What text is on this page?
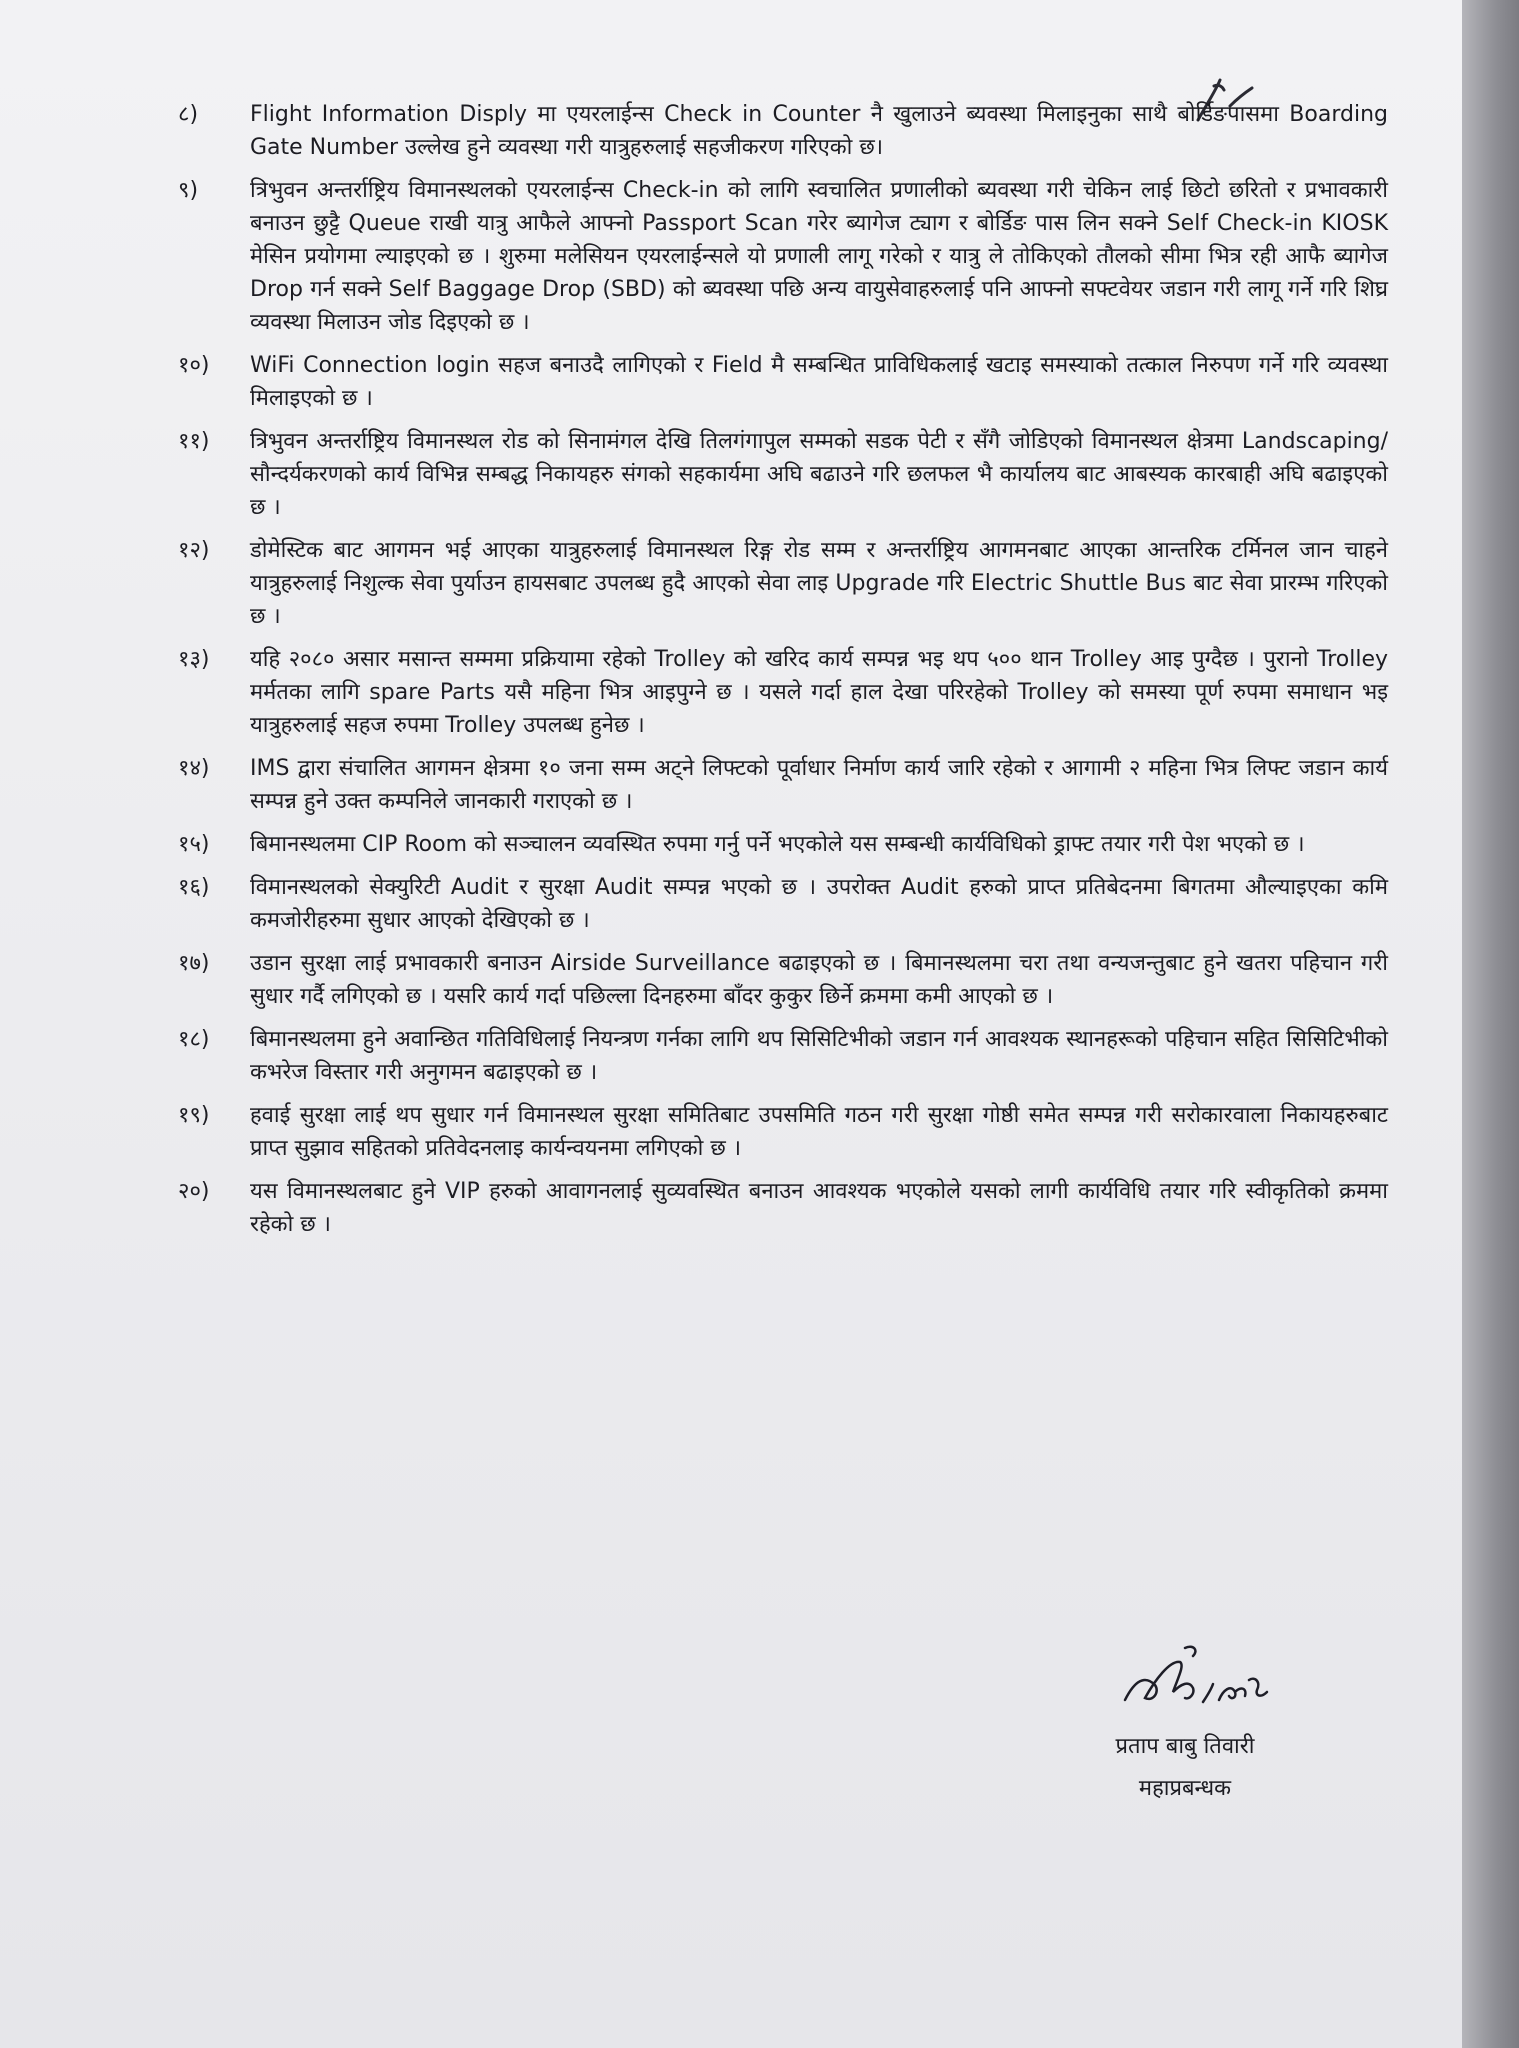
८)	Flight Information Disply मा एयरलाईन्स Check in Counter नै खुलाउने ब्यवस्था मिलाइनुका साथै बोर्डिङपासमा Boarding Gate Number उल्लेख हुने व्यवस्था गरी यात्रुहरुलाई सहजीकरण गरिएको छ।
९)	त्रिभुवन अन्तर्राष्ट्रिय विमानस्थलको एयरलाईन्स Check-in को लागि स्वचालित प्रणालीको ब्यवस्था गरी चेकिन लाई छिटो छरितो र प्रभावकारी बनाउन छुट्टै Queue राखी यात्रु आफैले आफ्नो Passport Scan गरेर ब्यागेज ट्याग र बोर्डिङ पास लिन सक्ने Self Check-in KIOSK मेसिन प्रयोगमा ल्याइएको छ । शुरुमा मलेसियन एयरलाईन्सले यो प्रणाली लागू गरेको र यात्रु ले तोकिएको तौलको सीमा भित्र रही आफै ब्यागेज Drop गर्न सक्ने Self Baggage Drop (SBD) को ब्यवस्था पछि अन्य वायुसेवाहरुलाई पनि आफ्नो सफ्टवेयर जडान गरी लागू गर्ने गरि शिघ्र व्यवस्था मिलाउन जोड दिइएको छ ।
१०)	WiFi Connection login सहज बनाउदै लागिएको र Field मै सम्बन्धित प्राविधिकलाई खटाइ समस्याको तत्काल निरुपण गर्ने गरि व्यवस्था मिलाइएको छ ।
११)	त्रिभुवन अन्तर्राष्ट्रिय विमानस्थल रोड को सिनामंगल देखि तिलगंगापुल सम्मको सडक पेटी र सँगै जोडिएको विमानस्थल क्षेत्रमा Landscaping/ सौन्दर्यकरणको कार्य विभिन्न सम्बद्ध निकायहरु संगको सहकार्यमा अघि बढाउने गरि छलफल भै कार्यालय बाट आबस्यक कारबाही अघि बढाइएको छ ।
१२)	डोमेस्टिक बाट आगमन भई आएका यात्रुहरुलाई विमानस्थल रिङ्ग रोड सम्म र अन्तर्राष्ट्रिय आगमनबाट आएका आन्तरिक टर्मिनल जान चाहने यात्रुहरुलाई निशुल्क सेवा पुर्याउन हायसबाट उपलब्ध हुदै आएको सेवा लाइ Upgrade गरि Electric Shuttle Bus बाट सेवा प्रारम्भ गरिएको छ ।
१३)	यहि २०८० असार मसान्त सम्ममा प्रक्रियामा रहेको Trolley को खरिद कार्य सम्पन्न भइ थप ५०० थान Trolley आइ पुग्दैछ । पुरानो Trolley मर्मतका लागि spare Parts यसै महिना भित्र आइपुग्ने छ । यसले गर्दा हाल देखा परिरहेको Trolley को समस्या पूर्ण रुपमा समाधान भइ यात्रुहरुलाई सहज रुपमा Trolley उपलब्ध हुनेछ ।
१४)	IMS द्वारा संचालित आगमन क्षेत्रमा १० जना सम्म अट्ने लिफ्टको पूर्वाधार निर्माण कार्य जारि रहेको र आगामी २ महिना भित्र लिफ्ट जडान कार्य सम्पन्न हुने उक्त कम्पनिले जानकारी गराएको छ ।
१५)	बिमानस्थलमा CIP Room को सञ्चालन व्यवस्थित रुपमा गर्नु पर्ने भएकोले यस सम्बन्धी कार्यविधिको ड्राफ्ट तयार गरी पेश भएको छ ।
१६)	विमानस्थलको सेक्युरिटी Audit र सुरक्षा Audit सम्पन्न भएको छ । उपरोक्त Audit हरुको प्राप्त प्रतिबेदनमा बिगतमा औल्याइएका कमि कमजोरीहरुमा सुधार आएको देखिएको छ ।
१७)	उडान सुरक्षा लाई प्रभावकारी बनाउन Airside Surveillance बढाइएको छ । बिमानस्थलमा चरा तथा वन्यजन्तुबाट हुने खतरा पहिचान गरी सुधार गर्दै लगिएको छ । यसरि कार्य गर्दा पछिल्ला दिनहरुमा बाँदर कुकुर छिर्ने क्रममा कमी आएको छ ।
१८)	बिमानस्थलमा हुने अवान्छित गतिविधिलाई नियन्त्रण गर्नका लागि थप सिसिटिभीको जडान गर्न आवश्यक स्थानहरूको पहिचान सहित सिसिटिभीको कभरेज विस्तार गरी अनुगमन बढाइएको छ ।
१९)	हवाई सुरक्षा लाई थप सुधार गर्न विमानस्थल सुरक्षा समितिबाट उपसमिति गठन गरी सुरक्षा गोष्ठी समेत सम्पन्न गरी सरोकारवाला निकायहरुबाट प्राप्त सुझाव सहितको प्रतिवेदनलाइ कार्यन्वयनमा लगिएको छ ।
२०)	यस विमानस्थलबाट हुने VIP हरुको आवागनलाई सुव्यवस्थित बनाउन आवश्यक भएकोले यसको लागी कार्यविधि तयार गरि स्वीकृतिको क्रममा रहेको छ ।
प्रताप बाबु तिवारी
महाप्रबन्धक
